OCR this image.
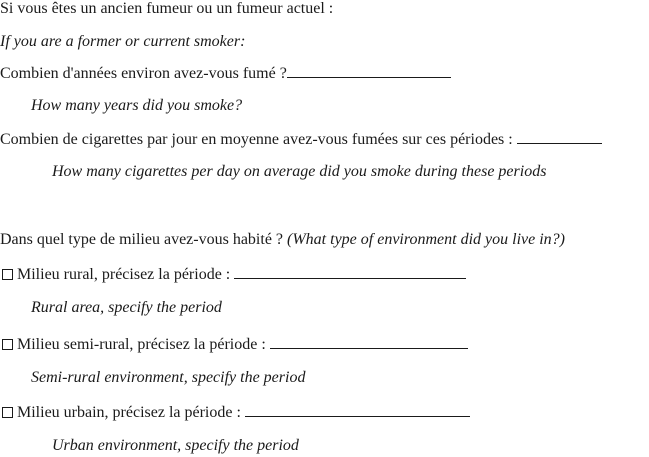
Si vous êtes un ancien fumeur ou un fumeur actuel :
If you are a former or current smoker:
Combien d'années environ avez-vous fumé ?
How many years did you smoke?
Combien de cigarettes par jour en moyenne avez-vous fumées sur ces périodes :
How many cigarettes per day on average did you smoke during these periods
Dans quel type de milieu avez-vous habité ? (What type of environment did you live in?)
Milieu rural, précisez la période :
Rural area, specify the period
Milieu semi-rural, précisez la période :
Semi-rural environment, specify the period
Milieu urbain, précisez la période :
Urban environment, specify the period
